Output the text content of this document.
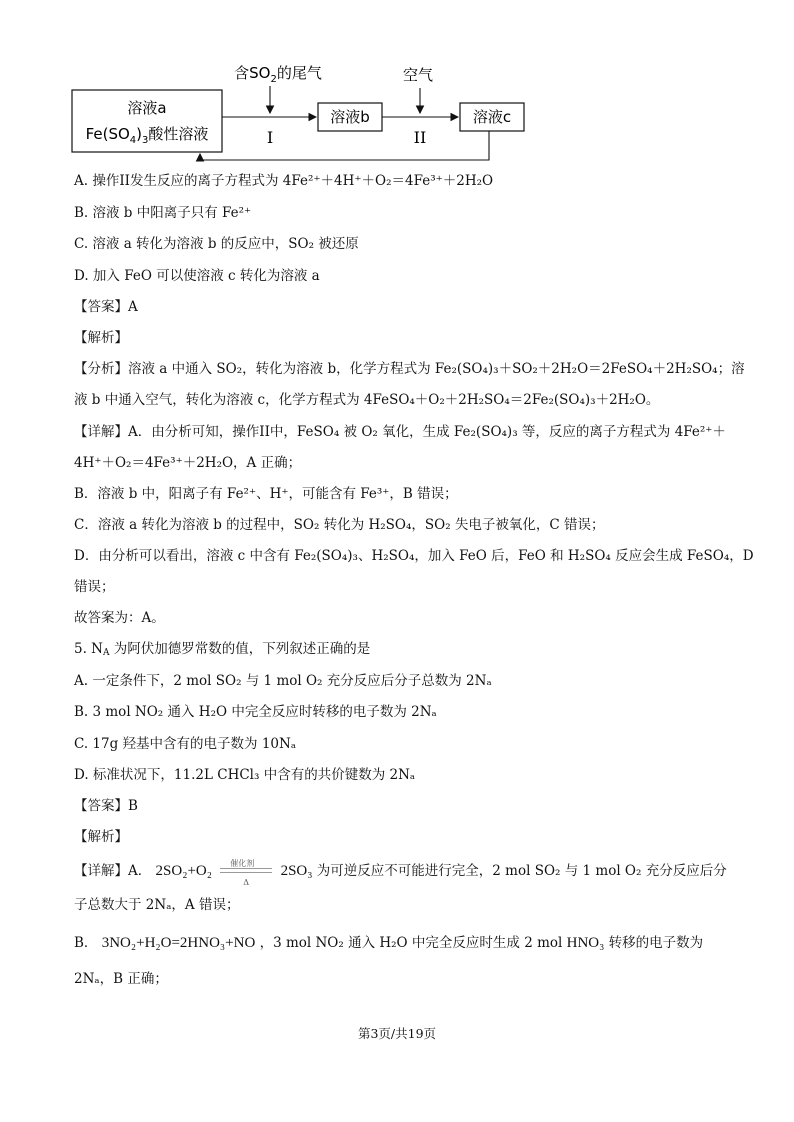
溶液a
$Fe(SO_4)_3$酸性溶液
含$SO_2$的尾气
I
溶液b
空气
II
溶液c
A. 操作II发生反应的离子方程式为 4Fe²⁺＋4H⁺＋O₂＝4Fe³⁺＋2H₂O
B. 溶液 b 中阳离子只有 Fe²⁺
C. 溶液 a 转化为溶液 b 的反应中，SO₂ 被还原
D. 加入 FeO 可以使溶液 c 转化为溶液 a
【答案】A
【解析】
【分析】溶液 a 中通入 SO₂，转化为溶液 b，化学方程式为 Fe₂(SO₄)₃＋SO₂＋2H₂O＝2FeSO₄＋2H₂SO₄；溶
液 b 中通入空气，转化为溶液 c，化学方程式为 4FeSO₄＋O₂＋2H₂SO₄＝2Fe₂(SO₄)₃＋2H₂O。
【详解】A．由分析可知，操作II中，FeSO₄ 被 O₂ 氧化，生成 Fe₂(SO₄)₃ 等，反应的离子方程式为 4Fe²⁺＋
4H⁺＋O₂＝4Fe³⁺＋2H₂O，A 正确；
B．溶液 b 中，阳离子有 Fe²⁺、H⁺，可能含有 Fe³⁺，B 错误；
C．溶液 a 转化为溶液 b 的过程中，SO₂ 转化为 H₂SO₄，SO₂ 失电子被氧化，C 错误；
D．由分析可以看出，溶液 c 中含有 Fe₂(SO₄)₃、H₂SO₄，加入 FeO 后，FeO 和 H₂SO₄ 反应会生成 FeSO₄，D
错误；
故答案为：A。
5. $N_A$ 为阿伏加德罗常数的值，下列叙述正确的是
A. 一定条件下，2 mol SO₂ 与 1 mol O₂ 充分反应后分子总数为 2Nₐ
B. 3 mol NO₂ 通入 H₂O 中完全反应时转移的电子数为 2Nₐ
C. 17g 羟基中含有的电子数为 10Nₐ
D. 标准状况下，11.2L CHCl₃ 中含有的共价键数为 2Nₐ
【答案】B
【解析】
【详解】A． 2SO₂+O₂ 催化剂
Δ
2SO₃ 为可逆反应不可能进行完全，2 mol SO₂ 与 1 mol O₂ 充分反应后分
子总数大于 2Nₐ，A 错误；
B． 3NO₂+H₂O=2HNO₃+NO ，3 mol NO₂ 通入 H₂O 中完全反应时生成 2 mol HNO₃ 转移的电子数为
2Nₐ，B 正确；
第3页/共19页
